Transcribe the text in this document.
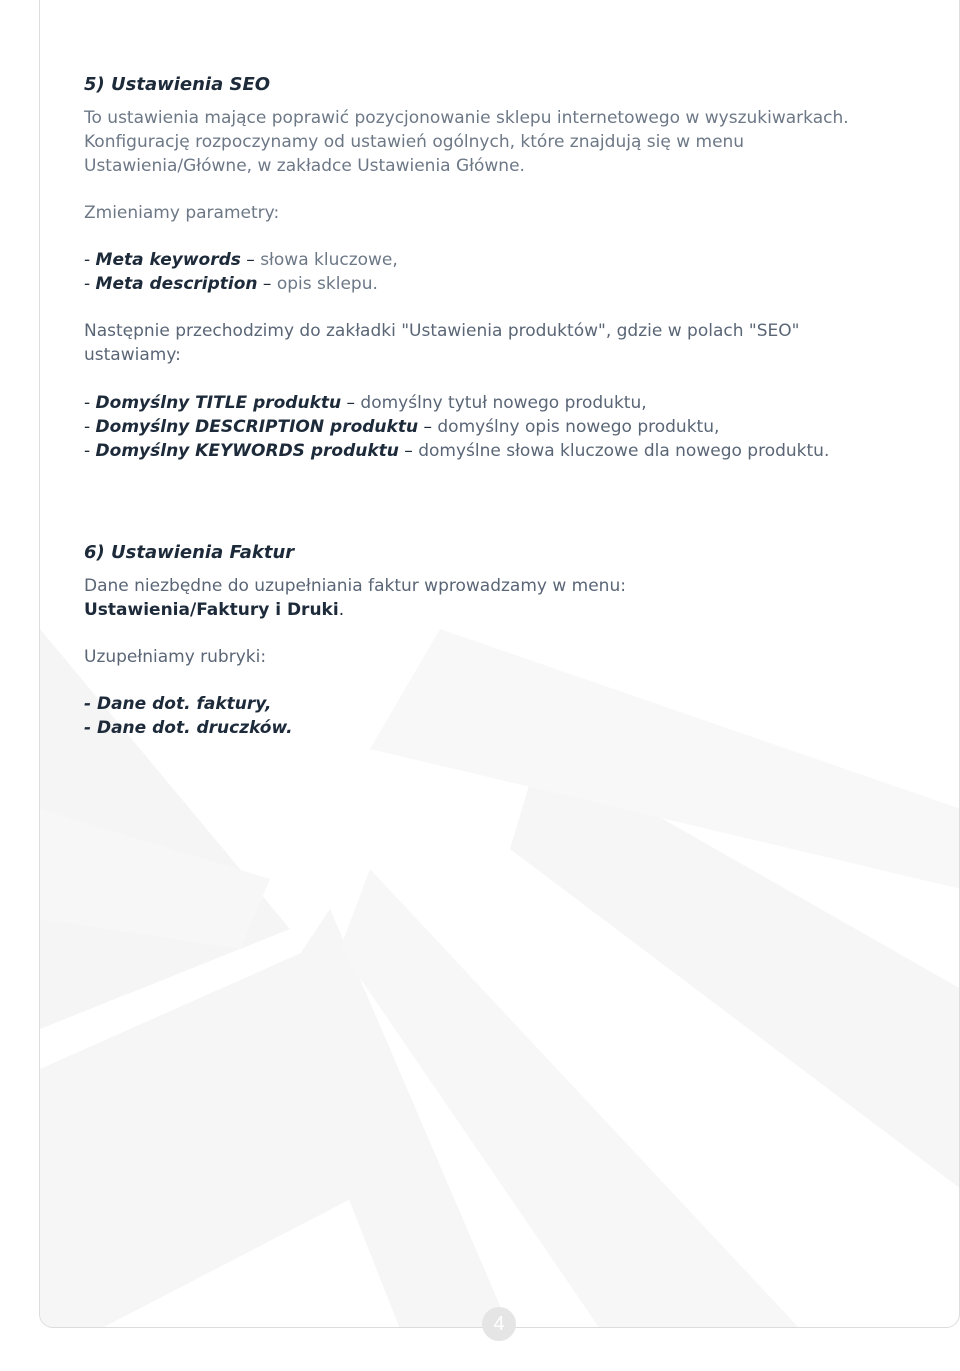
5) Ustawienia SEO

To ustawienia mające poprawić pozycjonowanie sklepu internetowego w wyszukiwarkach.

Konfigurację rozpoczynamy od ustawień ogólnych, które znajdują się w menu

Ustawienia/Główne, w zakładce Ustawienia Główne.

Zmieniamy parametry:

- Meta keywords – słowa kluczowe,

- Meta description – opis sklepu.

Następnie przechodzimy do zakładki "Ustawienia produktów", gdzie w polach "SEO"

ustawiamy:

- Domyślny TITLE produktu – domyślny tytuł nowego produktu,

- Domyślny DESCRIPTION produktu – domyślny opis nowego produktu,

- Domyślny KEYWORDS produktu – domyślne słowa kluczowe dla nowego produktu.

6) Ustawienia Faktur

Dane niezbędne do uzupełniania faktur wprowadzamy w menu:

Ustawienia/Faktury i Druki.

Uzupełniamy rubryki:

- Dane dot. faktury,

- Dane dot. druczków.

4
